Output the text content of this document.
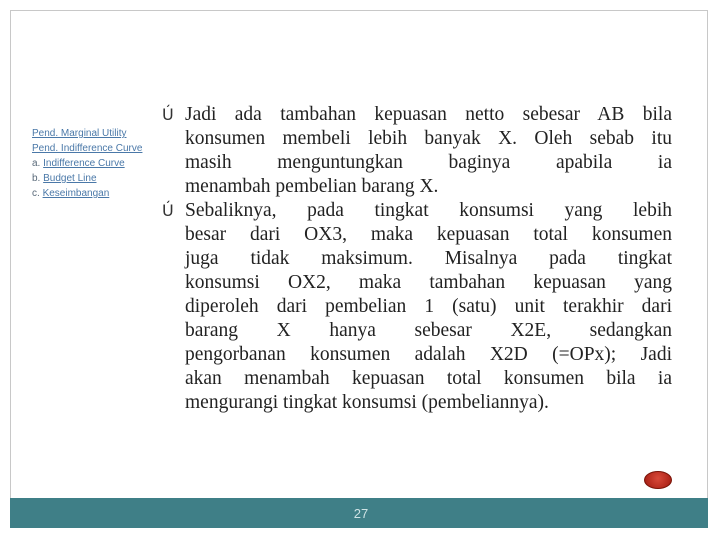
Pend. Marginal Utility
Pend. Indifference Curve
a. Indifference Curve
b. Budget Line
c. Keseimbangan
Ú Jadi ada tambahan kepuasan netto sebesar AB bila
konsumen membeli lebih banyak X. Oleh sebab itu
masih menguntungkan baginya apabila ia
menambah pembelian barang X.

Ú Sebaliknya, pada tingkat konsumsi yang lebih
besar dari OX3, maka kepuasan total konsumen
juga tidak maksimum. Misalnya pada tingkat
konsumsi OX2, maka tambahan kepuasan yang
diperoleh dari pembelian 1 (satu) unit terakhir dari
barang X hanya sebesar X2E, sedangkan
pengorbanan konsumen adalah X2D (=OPx); Jadi
akan menambah kepuasan total konsumen bila ia
mengurangi tingkat konsumsi (pembeliannya).

27
